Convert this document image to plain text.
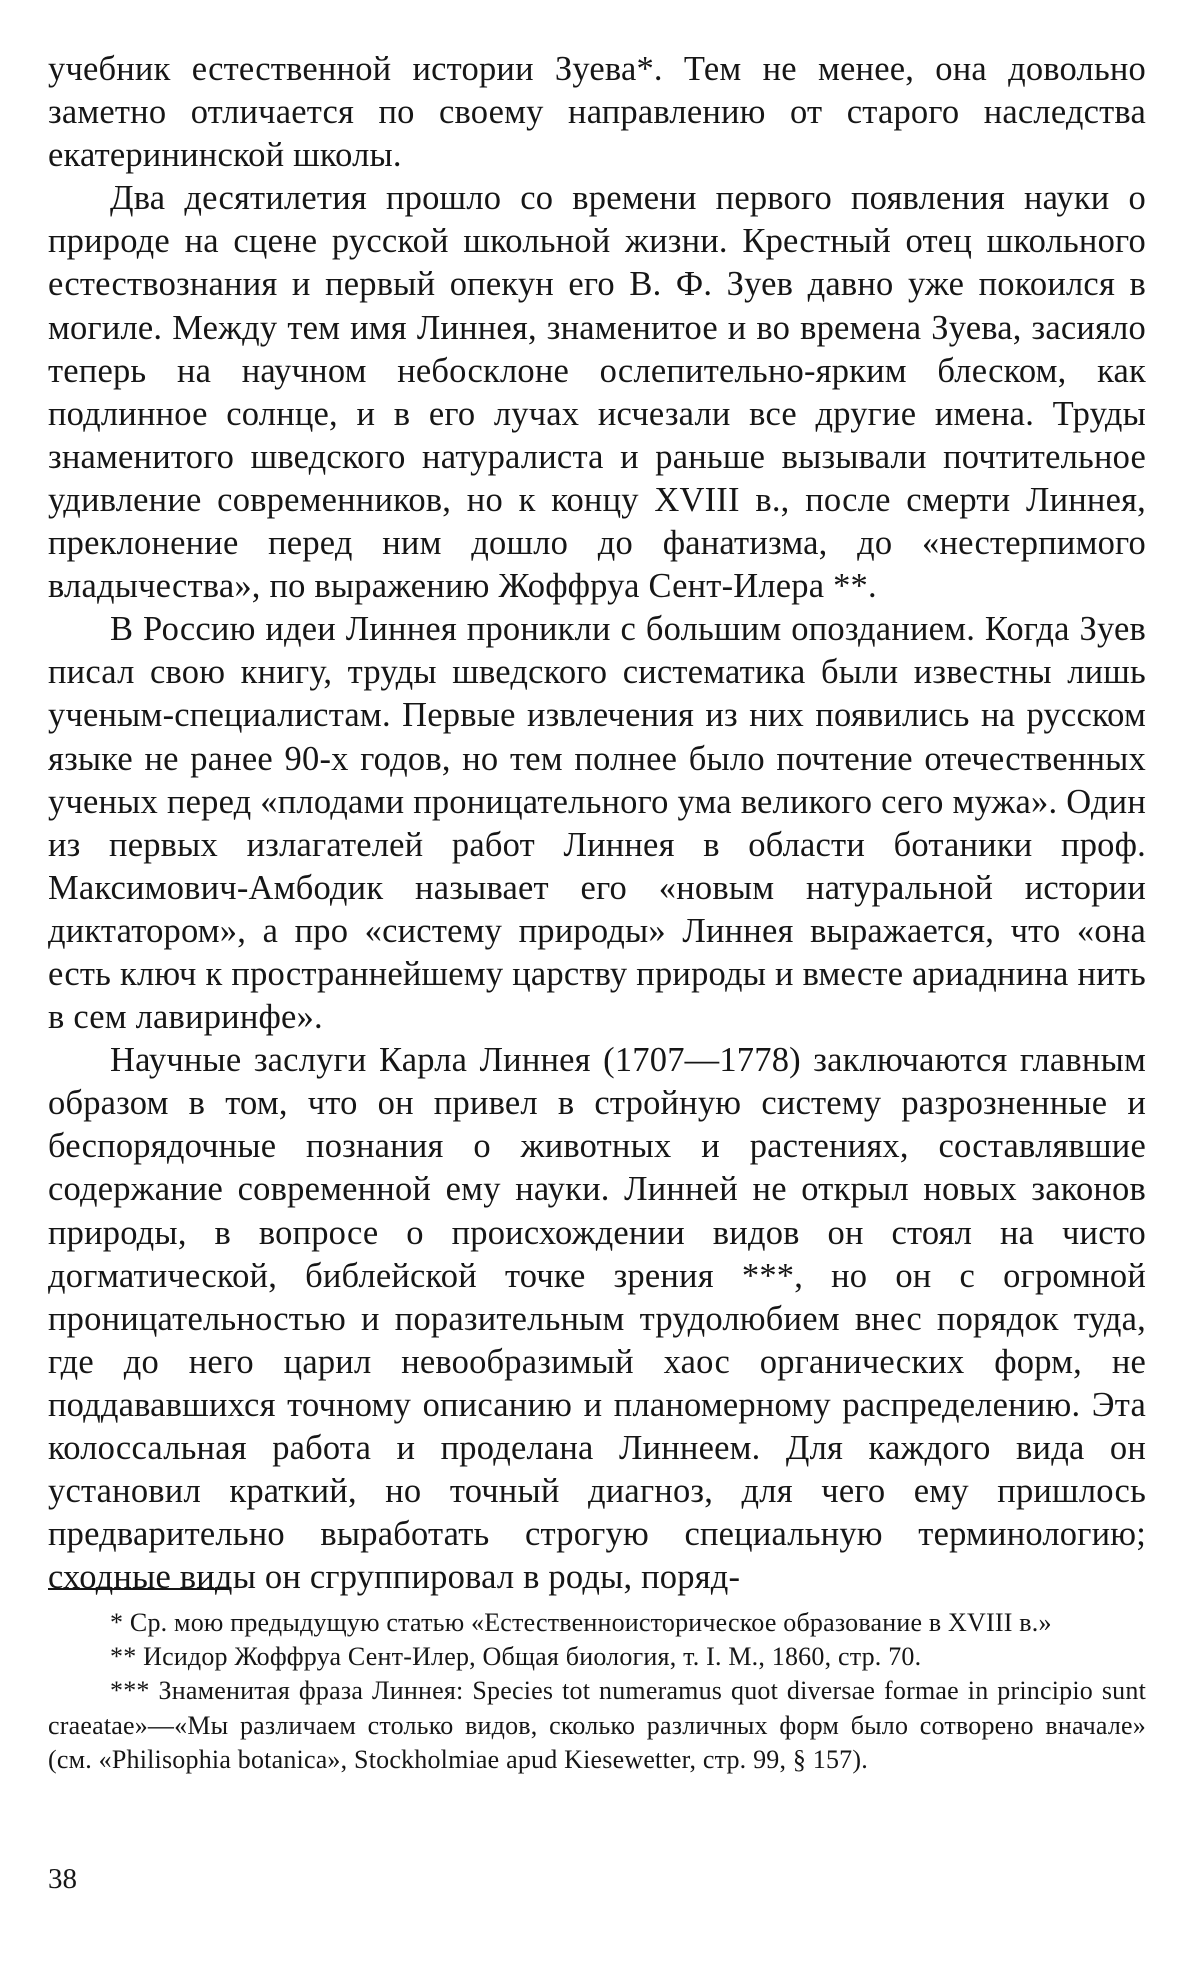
учебник естественной истории Зуева*. Тем не менее, она довольно заметно отличается по своему направлению от старого наследства екатерининской школы.

Два десятилетия прошло со времени первого появления науки о природе на сцене русской школьной жизни. Крестный отец школьного естествознания и первый опекун его В. Ф. Зуев давно уже покоился в могиле. Между тем имя Линнея, знаменитое и во времена Зуева, засияло теперь на научном небосклоне ослепительно-ярким блеском, как подлинное солнце, и в его лучах исчезали все другие имена. Труды знаменитого шведского натуралиста и раньше вызывали почтительное удивление современников, но к концу XVIII в., после смерти Линнея, преклонение перед ним дошло до фанатизма, до «нестерпимого владычества», по выражению Жоффруа Сент-Илера **.

В Россию идеи Линнея проникли с большим опозданием. Когда Зуев писал свою книгу, труды шведского систематика были известны лишь ученым-специалистам. Первые извлечения из них появились на русском языке не ранее 90-х годов, но тем полнее было почтение отечественных ученых перед «плодами проницательного ума великого сего мужа». Один из первых излагателей работ Линнея в области ботаники проф. Максимович-Амбодик называет его «новым натуральной истории диктатором», а про «систему природы» Линнея выражается, что «она есть ключ к пространнейшему царству природы и вместе ариаднина нить в сем лавиринфе».

Научные заслуги Карла Линнея (1707—1778) заключаются главным образом в том, что он привел в стройную систему разрозненные и беспорядочные познания о животных и растениях, составлявшие содержание современной ему науки. Линней не открыл новых законов природы, в вопросе о происхождении видов он стоял на чисто догматической, библейской точке зрения ***, но он с огромной проницательностью и поразительным трудолюбием внес порядок туда, где до него царил невообразимый хаос органических форм, не поддававшихся точному описанию и планомерному распределению. Эта колоссальная работа и проделана Линнеем. Для каждого вида он установил краткий, но точный диагноз, для чего ему пришлось предварительно выработать строгую специальную терминологию; сходные виды он сгруппировал в роды, поряд-

* Ср. мою предыдущую статью «Естественноисторическое образование в XVIII в.»

** Исидор Жоффруа Сент-Илер, Общая биология, т. I. М., 1860, стр. 70.

*** Знаменитая фраза Линнея: Species tot numeramus quot diversae formae in principio sunt craeatae»—«Мы различаем столько видов, сколько различных форм было сотворено вначале» (см. «Philisophia botanica», Stockholmiae apud Kiesewetter, стр. 99, § 157).

38
